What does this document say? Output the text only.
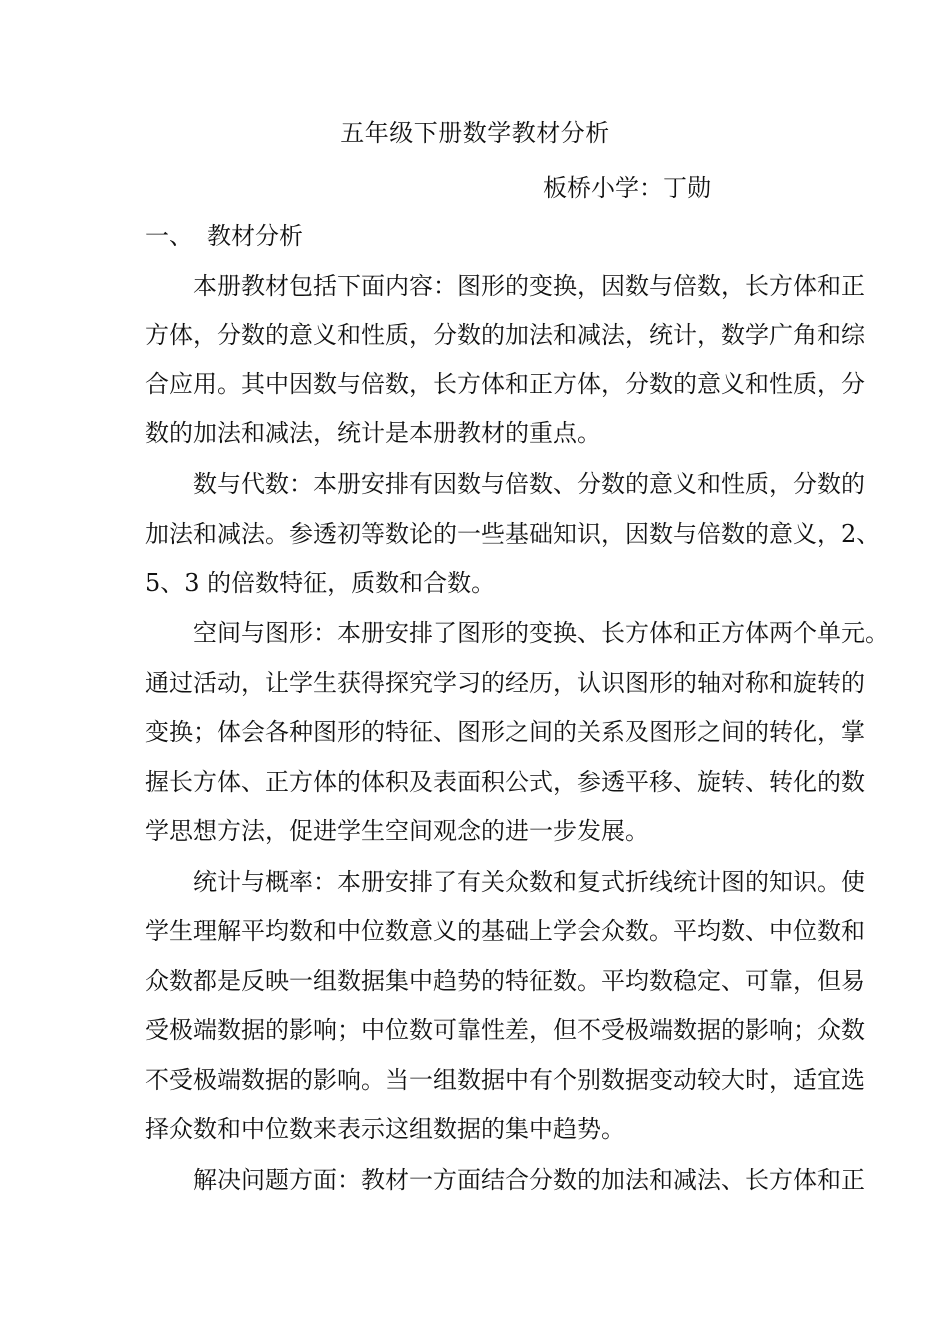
五年级下册数学教材分析
板桥小学：丁勋
一、 教材分析
本册教材包括下面内容：图形的变换，因数与倍数，长方体和正
方体，分数的意义和性质，分数的加法和减法，统计，数学广角和综
合应用。其中因数与倍数，长方体和正方体，分数的意义和性质，分
数的加法和减法，统计是本册教材的重点。
数与代数：本册安排有因数与倍数、分数的意义和性质，分数的
加法和减法。参透初等数论的一些基础知识，因数与倍数的意义，2、
5、3 的倍数特征，质数和合数。
空间与图形：本册安排了图形的变换、长方体和正方体两个单元。
通过活动，让学生获得探究学习的经历，认识图形的轴对称和旋转的
变换；体会各种图形的特征、图形之间的关系及图形之间的转化，掌
握长方体、正方体的体积及表面积公式，参透平移、旋转、转化的数
学思想方法，促进学生空间观念的进一步发展。
统计与概率：本册安排了有关众数和复式折线统计图的知识。使
学生理解平均数和中位数意义的基础上学会众数。平均数、中位数和
众数都是反映一组数据集中趋势的特征数。平均数稳定、可靠，但易
受极端数据的影响；中位数可靠性差，但不受极端数据的影响；众数
不受极端数据的影响。当一组数据中有个别数据变动较大时，适宜选
择众数和中位数来表示这组数据的集中趋势。
解决问题方面：教材一方面结合分数的加法和减法、长方体和正
